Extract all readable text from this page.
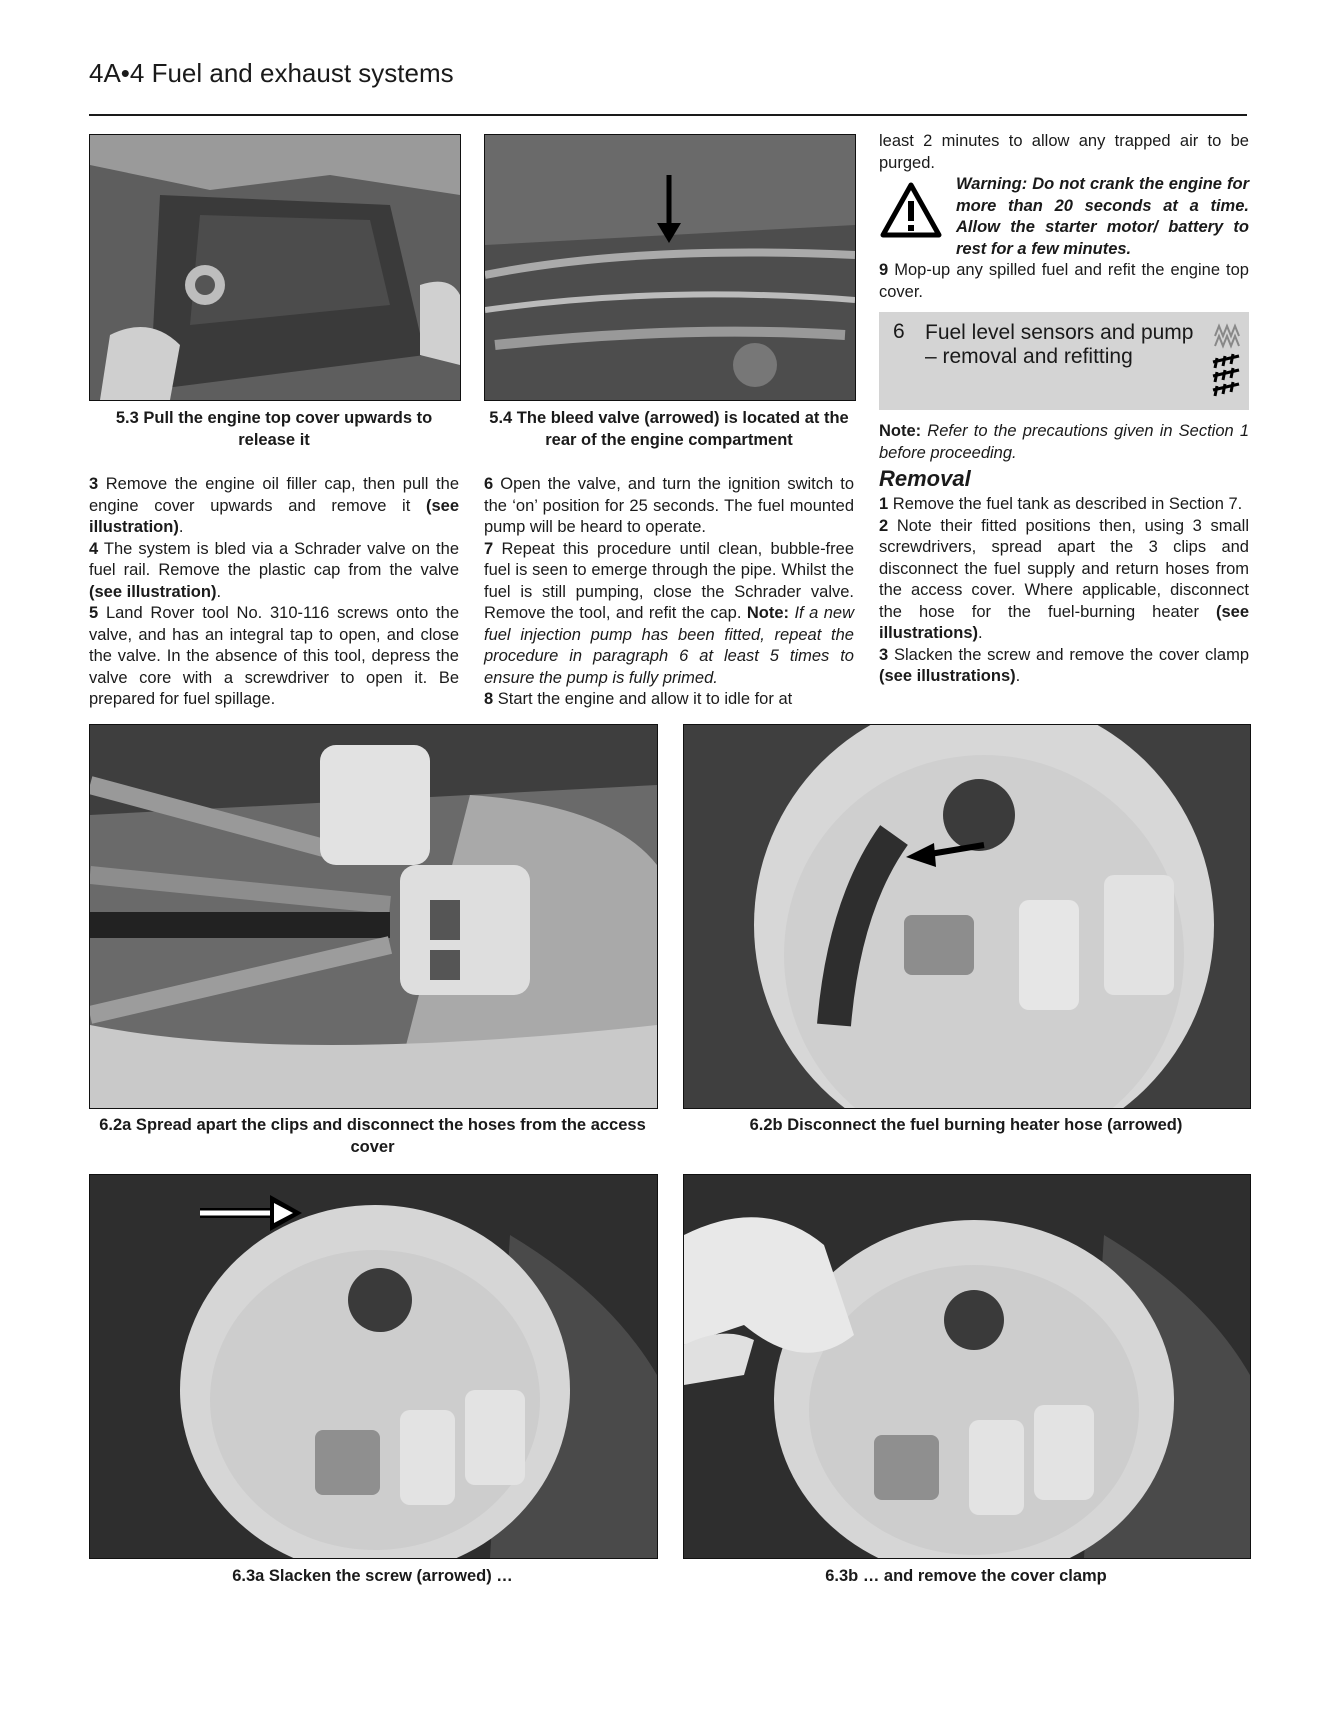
4A•4 Fuel and exhaust systems
5.3 Pull the engine top cover upwards to release it
5.4 The bleed valve (arrowed) is located at the rear of the engine compartment

3 Remove the engine oil filler cap, then pull the engine cover upwards and remove it (see illustration).

4 The system is bled via a Schrader valve on the fuel rail. Remove the plastic cap from the valve (see illustration).

5 Land Rover tool No. 310-116 screws onto the valve, and has an integral tap to open, and close the valve. In the absence of this tool, depress the valve core with a screwdriver to open it. Be prepared for fuel spillage.

6 Open the valve, and turn the ignition switch to the ‘on’ position for 25 seconds. The fuel mounted pump will be heard to operate.

7 Repeat this procedure until clean, bubble-free fuel is seen to emerge through the pipe. Whilst the fuel is still pumping, close the Schrader valve. Remove the tool, and refit the cap. Note: If a new fuel injection pump has been fitted, repeat the procedure in paragraph 6 at least 5 times to ensure the pump is fully primed.

8 Start the engine and allow it to idle for at

least 2 minutes to allow any trapped air to be purged.

Warning: Do not crank the engine for more than 20 seconds at a time. Allow the starter motor/ battery to rest for a few minutes.

9 Mop-up any spilled fuel and refit the engine top cover.

6 Fuel level sensors and pump
– removal and refitting

Note: Refer to the precautions given in Section 1 before proceeding.

Removal

1 Remove the fuel tank as described in Section 7.

2 Note their fitted positions then, using 3 small screwdrivers, spread apart the 3 clips and disconnect the fuel supply and return hoses from the access cover. Where applicable, disconnect the hose for the fuel-burning heater (see illustrations).

3 Slacken the screw and remove the cover clamp (see illustrations).

6.2a Spread apart the clips and disconnect the hoses from the access cover
6.2b Disconnect the fuel burning heater hose (arrowed)
6.3a Slacken the screw (arrowed) …	6.3b … and remove the cover clamp
